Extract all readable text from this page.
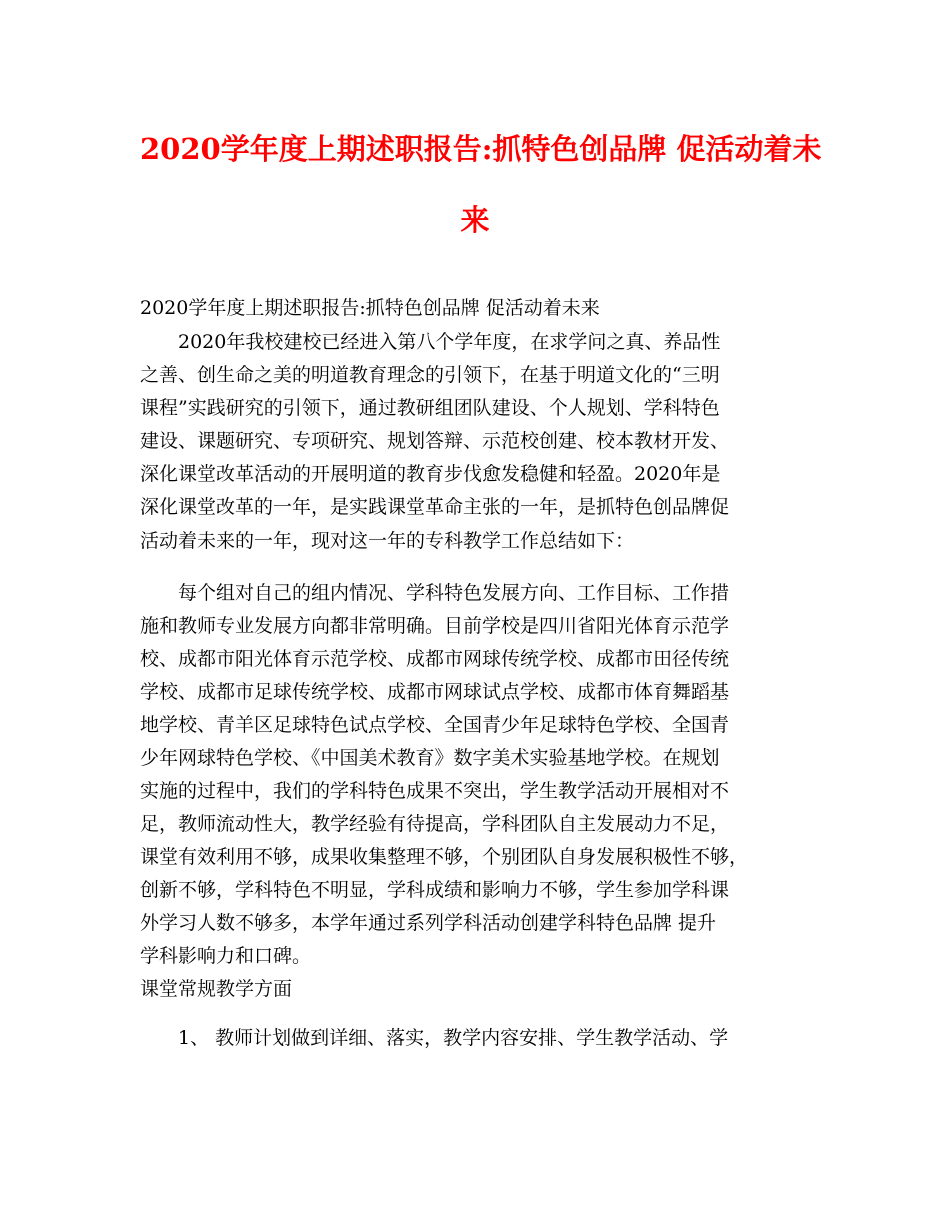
2020学年度上期述职报告:抓特色创品牌 促活动着未
来

2020学年度上期述职报告:抓特色创品牌 促活动着未来

2020年我校建校已经进入第八个学年度，在求学问之真、养品性

之善、创生命之美的明道教育理念的引领下，在基于明道文化的“三明

课程”实践研究的引领下，通过教研组团队建设、个人规划、学科特色

建设、课题研究、专项研究、规划答辩、示范校创建、校本教材开发、

深化课堂改革活动的开展明道的教育步伐愈发稳健和轻盈。2020年是

深化课堂改革的一年，是实践课堂革命主张的一年，是抓特色创品牌促

活动着未来的一年，现对这一年的专科教学工作总结如下：

每个组对自己的组内情况、学科特色发展方向、工作目标、工作措

施和教师专业发展方向都非常明确。目前学校是四川省阳光体育示范学

校、成都市阳光体育示范学校、成都市网球传统学校、成都市田径传统

学校、成都市足球传统学校、成都市网球试点学校、成都市体育舞蹈基

地学校、青羊区足球特色试点学校、全国青少年足球特色学校、全国青

少年网球特色学校、《中国美术教育》数字美术实验基地学校。在规划

实施的过程中，我们的学科特色成果不突出，学生教学活动开展相对不

足，教师流动性大，教学经验有待提高，学科团队自主发展动力不足，

课堂有效利用不够，成果收集整理不够，个别团队自身发展积极性不够，

创新不够，学科特色不明显，学科成绩和影响力不够，学生参加学科课

外学习人数不够多，本学年通过系列学科活动创建学科特色品牌 提升

学科影响力和口碑。

课堂常规教学方面

1、 教师计划做到详细、落实，教学内容安排、学生教学活动、学
